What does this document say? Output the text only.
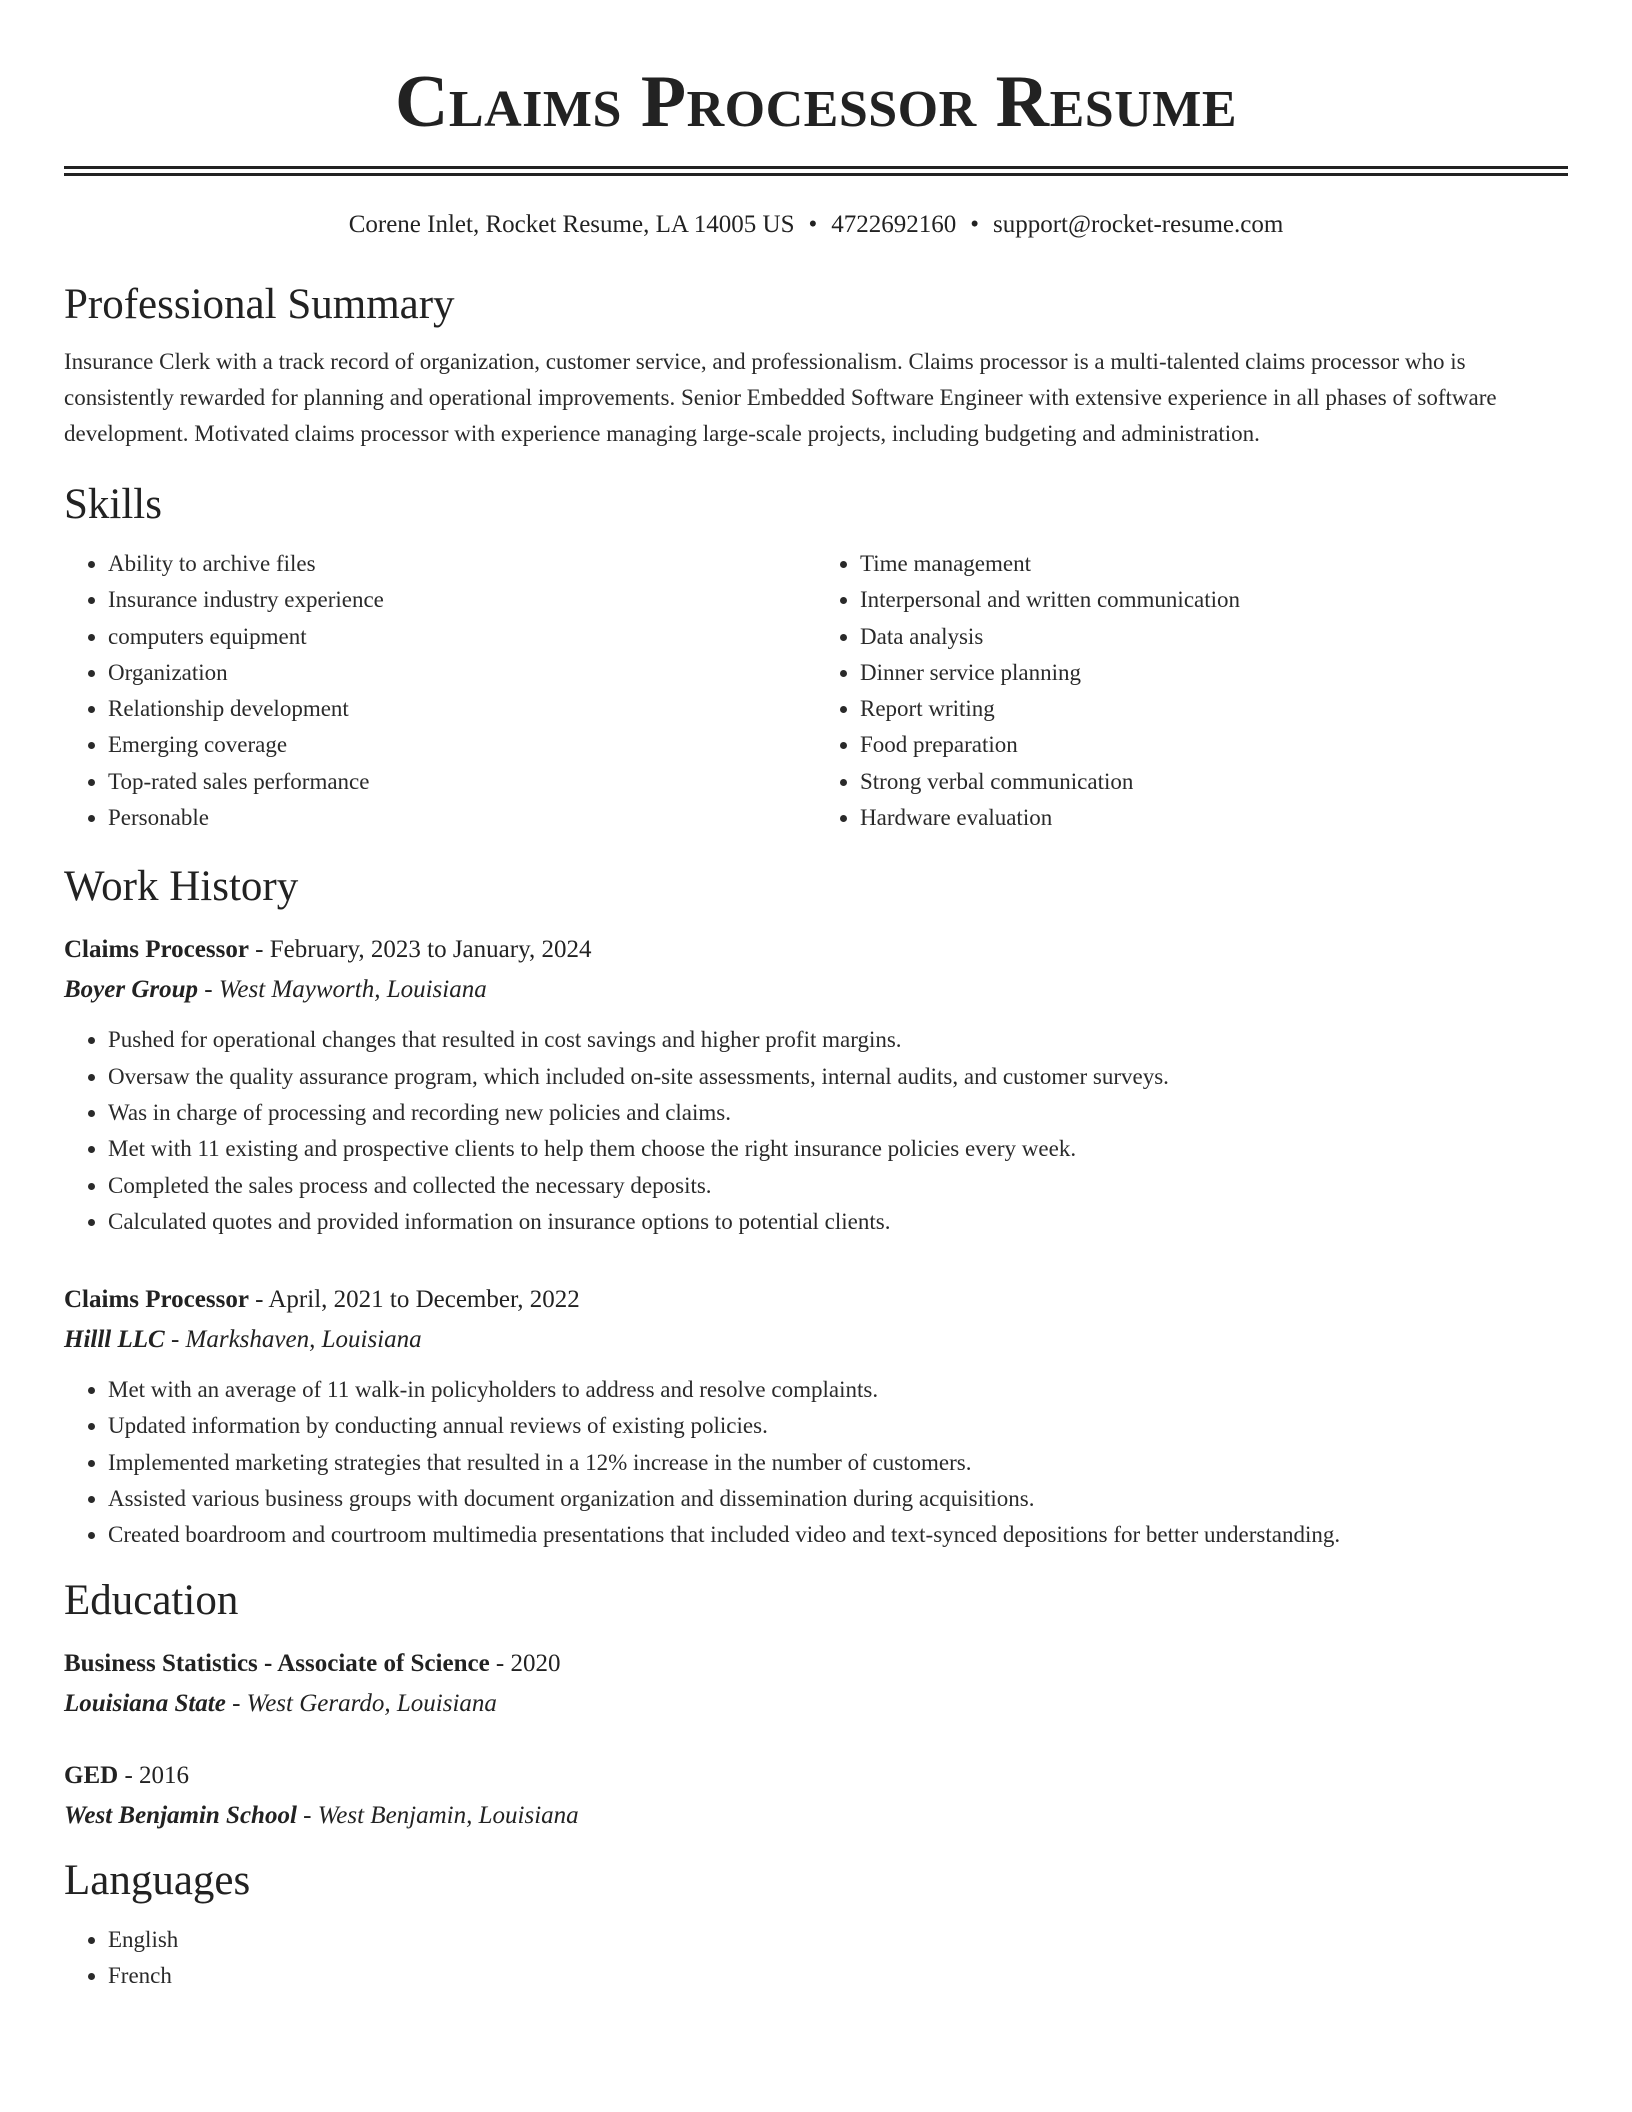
Claims Processor Resume
Corene Inlet, Rocket Resume, LA 14005 US • 4722692160 • support@rocket-resume.com
Professional Summary

Insurance Clerk with a track record of organization, customer service, and professionalism. Claims processor is a multi-talented claims processor who is consistently rewarded for planning and operational improvements. Senior Embedded Software Engineer with extensive experience in all phases of software development. Motivated claims processor with experience managing large-scale projects, including budgeting and administration.

Skills
• Ability to archive files
• Insurance industry experience
• computers equipment
• Organization
• Relationship development
• Emerging coverage
• Top-rated sales performance
• Personable
• Time management
• Interpersonal and written communication
• Data analysis
• Dinner service planning
• Report writing
• Food preparation
• Strong verbal communication
• Hardware evaluation
Work History
Claims Processor - February, 2023 to January, 2024
Boyer Group - West Mayworth, Louisiana
• Pushed for operational changes that resulted in cost savings and higher profit margins.
• Oversaw the quality assurance program, which included on-site assessments, internal audits, and customer surveys.
• Was in charge of processing and recording new policies and claims.
• Met with 11 existing and prospective clients to help them choose the right insurance policies every week.
• Completed the sales process and collected the necessary deposits.
• Calculated quotes and provided information on insurance options to potential clients.
Claims Processor - April, 2021 to December, 2022
Hilll LLC - Markshaven, Louisiana
• Met with an average of 11 walk-in policyholders to address and resolve complaints.
• Updated information by conducting annual reviews of existing policies.
• Implemented marketing strategies that resulted in a 12% increase in the number of customers.
• Assisted various business groups with document organization and dissemination during acquisitions.
• Created boardroom and courtroom multimedia presentations that included video and text-synced depositions for better understanding.
Education
Business Statistics - Associate of Science - 2020
Louisiana State - West Gerardo, Louisiana
GED - 2016
West Benjamin School - West Benjamin, Louisiana
Languages
• English
• French
